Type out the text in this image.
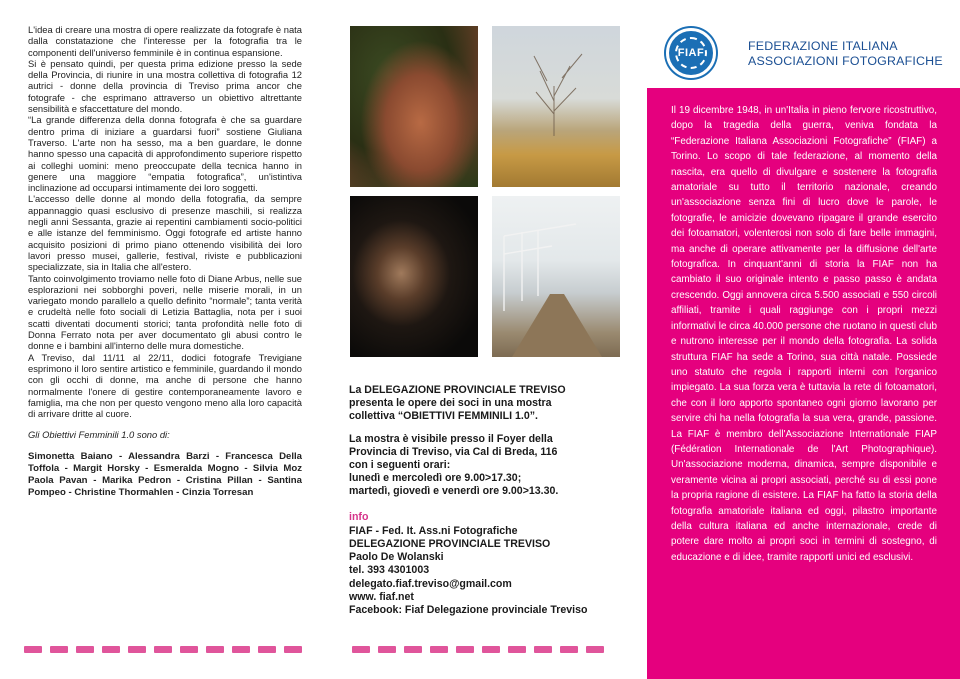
L'idea di creare una mostra di opere realizzate da fotografe è nata dalla constatazione che l'interesse per la fotografia tra le componenti dell'universo femminile è in continua espansione.

Si è pensato quindi, per questa prima edizione presso la sede della Provincia, di riunire in una mostra collettiva di fotografia 12 autrici - donne della provincia di Treviso prima ancor che fotografe - che esprimano attraverso un obiettivo altrettante sensibilità e sfaccettature del mondo.

“La grande differenza della donna fotografa è che sa guardare dentro prima di iniziare a guardarsi fuori” sostiene Giuliana Traverso. L'arte non ha sesso, ma a ben guardare, le donne hanno spesso una capacità di approfondimento superiore rispetto ai colleghi uomini: meno preoccupate della tecnica hanno in genere una maggiore “empatia fotografica”, un'istintiva inclinazione ad occuparsi intimamente dei loro soggetti.

L'accesso delle donne al mondo della fotografia, da sempre appannaggio quasi esclusivo di presenze maschili, si realizza negli anni Sessanta, grazie ai repentini cambiamenti socio-politici e alle istanze del femminismo. Oggi fotografe ed artiste hanno acquisito posizioni di primo piano ottenendo visibilità dei loro lavori presso musei, gallerie, festival, riviste e pubblicazioni specializzate, sia in Italia che all'estero.

Tanto coinvolgimento troviamo nelle foto di Diane Arbus, nelle sue esplorazioni nei sobborghi poveri, nelle miserie morali, in un variegato mondo parallelo a quello definito “normale”; tanta verità e crudeltà nelle foto sociali di Letizia Battaglia, nota per i suoi scatti diventati documenti storici; tanta profondità nelle foto di Donna Ferrato nota per aver documentato gli abusi contro le donne e i bambini all'interno delle mura domestiche.

A Treviso, dal 11/11 al 22/11, dodici fotografe Trevigiane esprimono il loro sentire artistico e femminile, guardando il mondo con gli occhi di donne, ma anche di persone che hanno normalmente l'onere di gestire contemporaneamente lavoro e famiglia, ma che non per questo vengono meno alla loro capacità di arrivare dritte al cuore.

Gli Obiettivi Femminili 1.0 sono di:

Simonetta Baiano - Alessandra Barzi - Francesca Della Toffola - Margit Horsky - Esmeralda Mogno - Silvia Moz Paola Pavan - Marika Pedron - Cristina Pillan - Santina Pompeo - Christine Thormahlen - Cinzia Torresan

La DELEGAZIONE PROVINCIALE TREVISO
presenta le opere dei soci in una mostra
collettiva “OBIETTIVI FEMMINILI 1.0”.
La mostra è visibile presso il Foyer della
Provincia di Treviso, via Cal di Breda, 116
con i seguenti orari:
lunedì e mercoledì ore 9.00>17.30;
martedì, giovedì e venerdì ore 9.00>13.30.
info
FIAF - Fed. It. Ass.ni Fotografiche
DELEGAZIONE PROVINCIALE TREVISO
Paolo De Wolanski
tel. 393 4301003
delegato.fiaf.treviso@gmail.com
www. fiaf.net
Facebook: Fiaf Delegazione provinciale Treviso
FIAF	FEDERAZIONE ITALIANA
ASSOCIAZIONI FOTOGRAFICHE
Il 19 dicembre 1948, in un'Italia in pieno fervore ricostruttivo, dopo la tragedia della guerra, veniva fondata la “Federazione Italiana Associazioni Fotografiche” (FIAF) a Torino. Lo scopo di tale federazione, al momento della nascita, era quello di divulgare e sostenere la fotografia amatoriale su tutto il territorio nazionale, creando un'associazione senza fini di lucro dove le parole, le fotografie, le amicizie dovevano ripagare il grande esercito dei fotoamatori, volenterosi non solo di fare belle immagini, ma anche di operare attivamente per la diffusione dell'arte fotografica. In cinquant'anni di storia la FIAF non ha cambiato il suo originale intento e passo passo è andata crescendo. Oggi annovera circa 5.500 associati e 550 circoli affiliati, tramite i quali raggiunge con i propri mezzi informativi le circa 40.000 persone che ruotano in questi club e nutrono interesse per il mondo della fotografia. La solida struttura FIAF ha sede a Torino, sua città natale. Possiede uno statuto che regola i rapporti interni con l'organico impiegato. La sua forza vera è tuttavia la rete di fotoamatori, che con il loro apporto spontaneo ogni giorno lavorano per servire chi ha nella fotografia la sua vera, grande, passione. La FIAF è membro dell'Associazione Internationale FIAP (Fédération Internationale de l'Art Photographique). Un'associazione moderna, dinamica, sempre disponibile e veramente vicina ai propri associati, perché su di essi pone la propria ragione di esistere. La FIAF ha fatto la storia della fotografia amatoriale italiana ed oggi, pilastro importante della cultura italiana ed anche internazionale, crede di potere dare molto ai propri soci in termini di sostegno, di educazione e di idee, tramite rapporti unici ed esclusivi.
